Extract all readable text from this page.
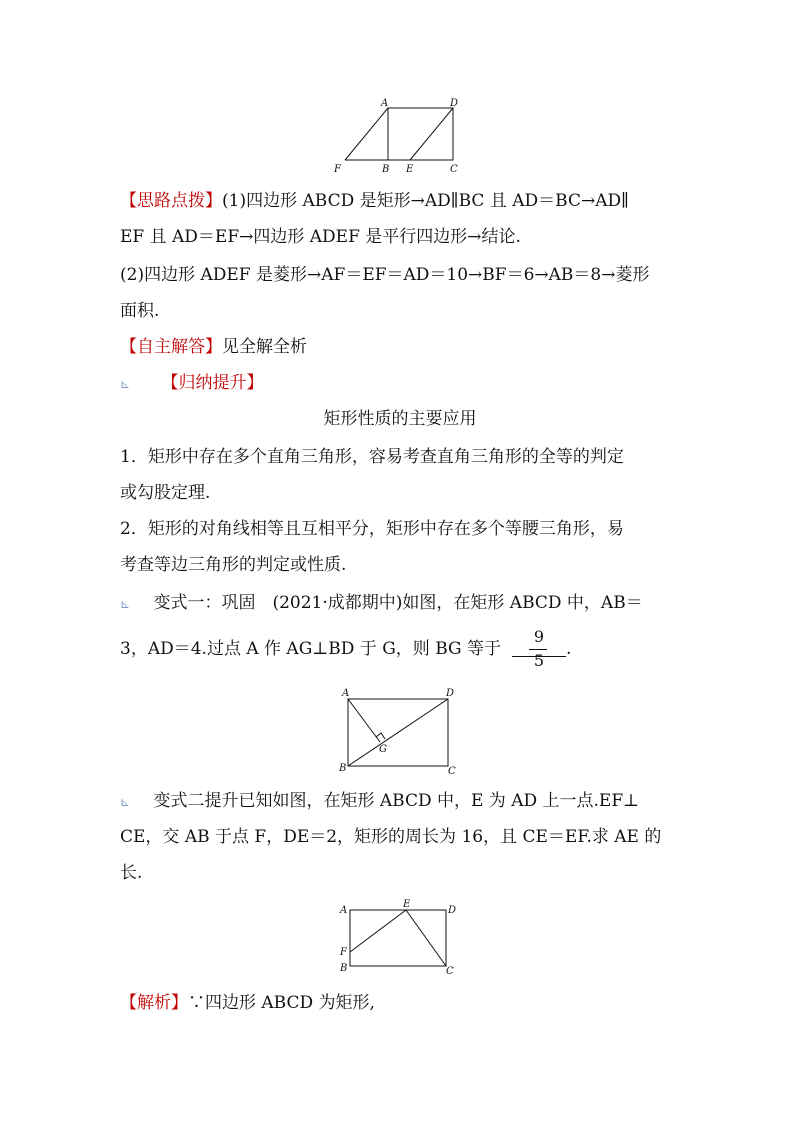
A	D
F	B E	C
【思路点拨】(1)四边形 ABCD 是矩形→AD∥BC 且 AD＝BC→AD∥
EF 且 AD＝EF→四边形 ADEF 是平行四边形→结论.
(2)四边形 ADEF 是菱形→AF＝EF＝AD＝10→BF＝6→AB＝8→菱形
面积.
【自主解答】见全解全析
⊾ 【归纳提升】
矩形性质的主要应用
1．矩形中存在多个直角三角形，容易考查直角三角形的全等的判定
或勾股定理.
2．矩形的对角线相等且互相平分，矩形中存在多个等腰三角形，易
考查等边三角形的判定或性质.
⊾ 变式一：巩固　(2021·成都期中)如图，在矩形 ABCD 中，AB＝
3，AD＝4.过点 A 作 AG⊥BD 于 G，则 BG 等于
9
5
.
A	D
G
B	C
⊾ 变式二提升已知如图，在矩形 ABCD 中，E 为 AD 上一点.EF⊥
CE，交 AB 于点 F，DE＝2，矩形的周长为 16，且 CE＝EF.求 AE 的
长.
A
E
D
F
B	C
【解析】∵四边形 ABCD 为矩形,
